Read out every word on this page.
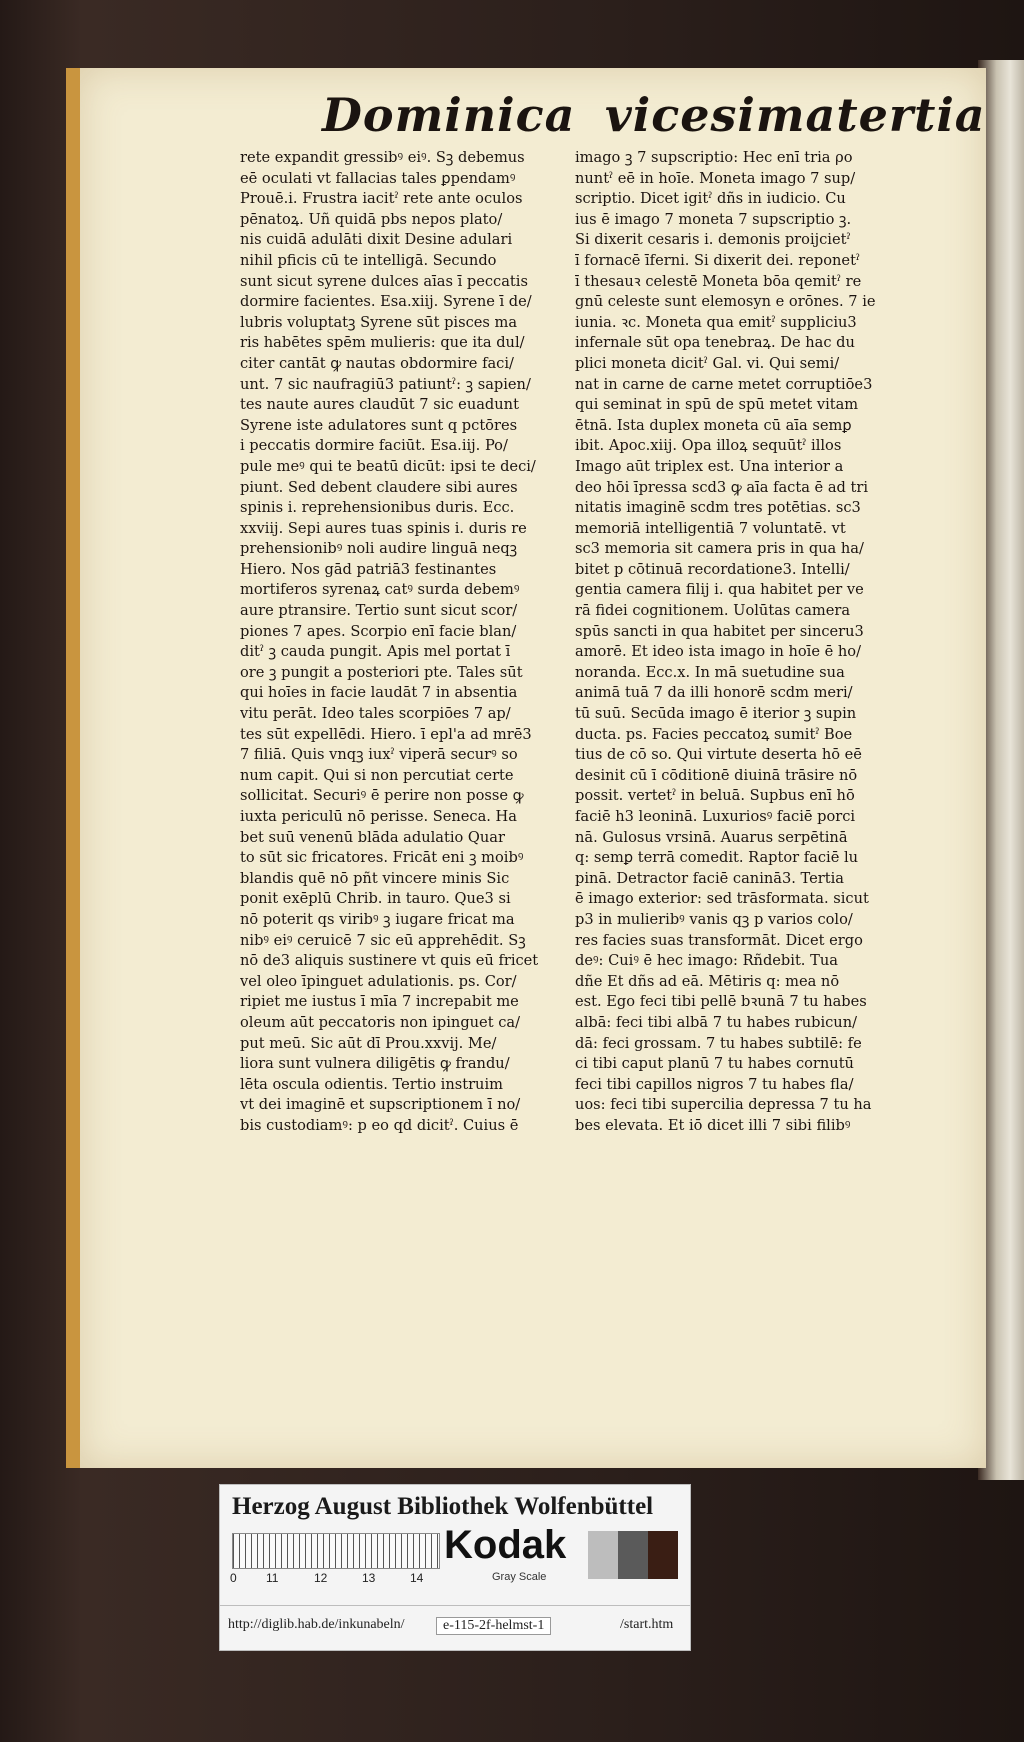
Dominica vicesimatertia
rete expandit gressibꝰ eiꝰ. Sꝫ debemus
eē oculati vt fallacias tales ꝑpendamꝰ
Prouē.i. Frustra iacitˀ rete ante oculos
pēnatoꝝ. Uñ quidā pbs nepos plato/
nis cuidā adulāti dixit Desine adulari
nihil pficis cū te intelligā. Secundo
sunt sicut syrene dulces aīas ī peccatis
dormire facientes. Esa.xiij. Syrene ī de/
lubris voluptatꝫ Syrene sūt pisces ma
ris habētes spēm mulieris: que ita dul/
citer cantāt ꝙ nautas obdormire faci/
unt. 7 sic naufragiū3 patiuntˀ: ꝫ sapien/
tes naute aures claudūt 7 sic euadunt
Syrene iste adulatores sunt q pctōres
i peccatis dormire faciūt. Esa.iij. Po/
pule meꝰ qui te beatū dicūt: ipsi te deci/
piunt. Sed debent claudere sibi aures
spinis i. reprehensionibus duris. Ecc.
xxviij. Sepi aures tuas spinis i. duris re
prehensionibꝰ noli audire linguā neqꝫ
Hiero. Nos gād patriā3 festinantes
mortiferos syrenaꝝ catꝰ surda debemꝰ
aure ptransire. Tertio sunt sicut scor/
piones 7 apes. Scorpio enī facie blan/
ditˀ ꝫ cauda pungit. Apis mel portat ī
ore ꝫ pungit a posteriori pte. Tales sūt
qui hoīes in facie laudāt 7 in absentia
vitu perāt. Ideo tales scorpiōes 7 ap/
tes sūt expellēdi. Hiero. ī epl'a ad mrē3
7 filiā. Quis vnqꝫ iuxˀ viperā securꝰ so
num capit. Qui si non percutiat certe
sollicitat. Securiꝰ ē perire non posse ꝙ
iuxta periculū nō perisse. Seneca. Ha
bet suū venenū blāda adulatio Quar
to sūt sic fricatores. Fricāt eni ꝫ moibꝰ
blandis quē nō pñt vincere minis Sic
ponit exēplū Chrib. in tauro. Que3 si
nō poterit qs viribꝰ ꝫ iugare fricat ma
nibꝰ eiꝰ ceruicē 7 sic eū apprehēdit. Sꝫ
nō de3 aliquis sustinere vt quis eū fricet
vel oleo īpinguet adulationis. ps. Cor/
ripiet me iustus ī mīa 7 increpabit me
oleum aūt peccatoris non ipinguet ca/
put meū. Sic aūt dī Prou.xxvij. Me/
liora sunt vulnera diligētis ꝙ frandu/
lēta oscula odientis. Tertio instruim
vt dei imaginē et supscriptionem ī no/
bis custodiamꝰ: p eo qd dicitˀ. Cuius ē
imago ꝫ 7 supscriptio: Hec enī tria ρo
nuntˀ eē in hoīe. Moneta imago 7 sup/
scriptio. Dicet igitˀ dñs in iudicio. Cu
ius ē imago 7 moneta 7 supscriptio ꝫ.
Si dixerit cesaris i. demonis proijcietˀ
ī fornacē īferni. Si dixerit dei. reponetˀ
ī thesauꝛ celestē Moneta bōa qemitˀ re
gnū celeste sunt elemosyn e orōnes. 7 ie
iunia. ꝛc. Moneta qua emitˀ suppliciu3
infernale sūt opa tenebraꝝ. De hac du
plici moneta dicitˀ Gal. vi. Qui semi/
nat in carne de carne metet corruptiōe3
qui seminat in spū de spū metet vitam
ētnā. Ista duplex moneta cū aīa semꝑ
ibit. Apoc.xiij. Opa illoꝝ sequūtˀ illos
Imago aūt triplex est. Una interior a
deo hōi īpressa scd3 ꝙ aīa facta ē ad tri
nitatis imaginē scdm tres potētias. sc3
memoriā intelligentiā 7 voluntatē. vt
sc3 memoria sit camera pris in qua ha/
bitet p cōtinuā recordatione3. Intelli/
gentia camera filij i. qua habitet per ve
rā fidei cognitionem. Uolūtas camera
spūs sancti in qua habitet per sinceru3
amorē. Et ideo ista imago in hoīe ē ho/
noranda. Ecc.x. In mā suetudine sua
animā tuā 7 da illi honorē scdm meri/
tū suū. Secūda imago ē iterior ꝫ supin
ducta. ps. Facies peccatoꝝ sumitˀ Boe
tius de cō so. Qui virtute deserta hō eē
desinit cū ī cōditionē diuinā trāsire nō
possit. vertetˀ in beluā. Supbus enī hō
faciē h3 leoninā. Luxuriosꝰ faciē porci
nā. Gulosus vrsinā. Auarus serpētinā
q: semꝑ terrā comedit. Raptor faciē lu
pinā. Detractor faciē caninā3. Tertia
ē imago exterior: sed trāsformata. sicut
p3 in mulieribꝰ vanis qꝫ p varios colo/
res facies suas transformāt. Dicet ergo
deꝰ: Cuiꝰ ē hec imago: Rñdebit. Tua
dñe Et dñs ad eā. Mētiris q: mea nō
est. Ego feci tibi pellē bꝛunā 7 tu habes
albā: feci tibi albā 7 tu habes rubicun/
dā: feci grossam. 7 tu habes subtilē: fe
ci tibi caput planū 7 tu habes cornutū
feci tibi capillos nigros 7 tu habes fla/
uos: feci tibi supercilia depressa 7 tu ha
bes elevata. Et iō dicet illi 7 sibi filibꝰ
Herzog August Bibliothek Wolfenbüttel
0 11	12	13	14
Kodak
Gray Scale
http://diglib.hab.de/inkunabeln/	e-115-2f-helmst-1	/start.htm
